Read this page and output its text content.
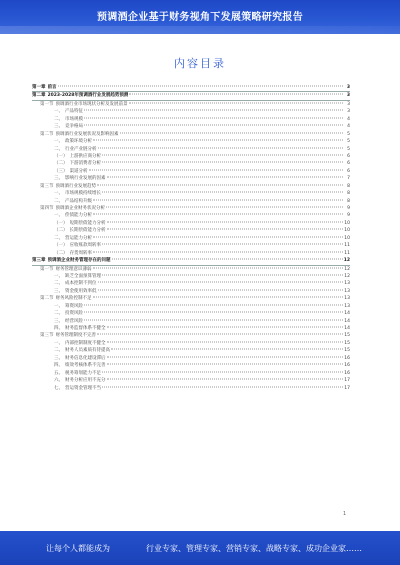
预调酒企业基于财务视角下发展策略研究报告
内容目录
第一章 前言	3
第二章 2023-2028年预调酒行业发展趋势预测	3
第一节 预调酒行业市场现状分析及发展前景	3
一、 产品特征	3
二、 市场规模	4
三、 竞争格局	4
第二节 预调酒行业发展状况及影响因素	5
一、 政策环境分析	5
二、 行业产业链分析	5
（一） 上游供应商分析	6
（二） 下游消费者分析	6
（三） 渠道分析	6
三、 影响行业发展的因素	7
第三节 预调酒行业发展趋势	8
一、 市场规模持续增长	8
二、 产品结构升级	8
第四节 预调酒企业财务状况分析	9
一、 偿债能力分析	9
（一） 短期偿债能力分析	10
（二） 长期偿债能力分析	10
二、 营运能力分析	10
（一） 应收账款周转率	11
（二） 存货周转率	11
第三章 预调酒企业财务管理存在的问题	12
第一节 财务管理意识薄弱	12
一、 缺乏全面预算管理	12
二、 成本控制不到位	13
三、 资金使用效率低	13
第二节 财务风险控制不足	13
一、 筹资风险	13
二、 投资风险	14
三、 经营风险	14
四、 财务监督体系不健全	14
第三节 财务管理制度不完善	15
一、 内部控制制度不健全	15
二、 财务人员素质有待提高	15
三、 财务信息化建设滞后	16
四、 绩效考核体系不完善	16
五、 税务筹划能力不足	16
六、 财务分析应用不充分	17
七、 营运资金管理不当	17
1
让每个人都能成为	行业专家、管理专家、营销专家、战略专家、成功企业家……
